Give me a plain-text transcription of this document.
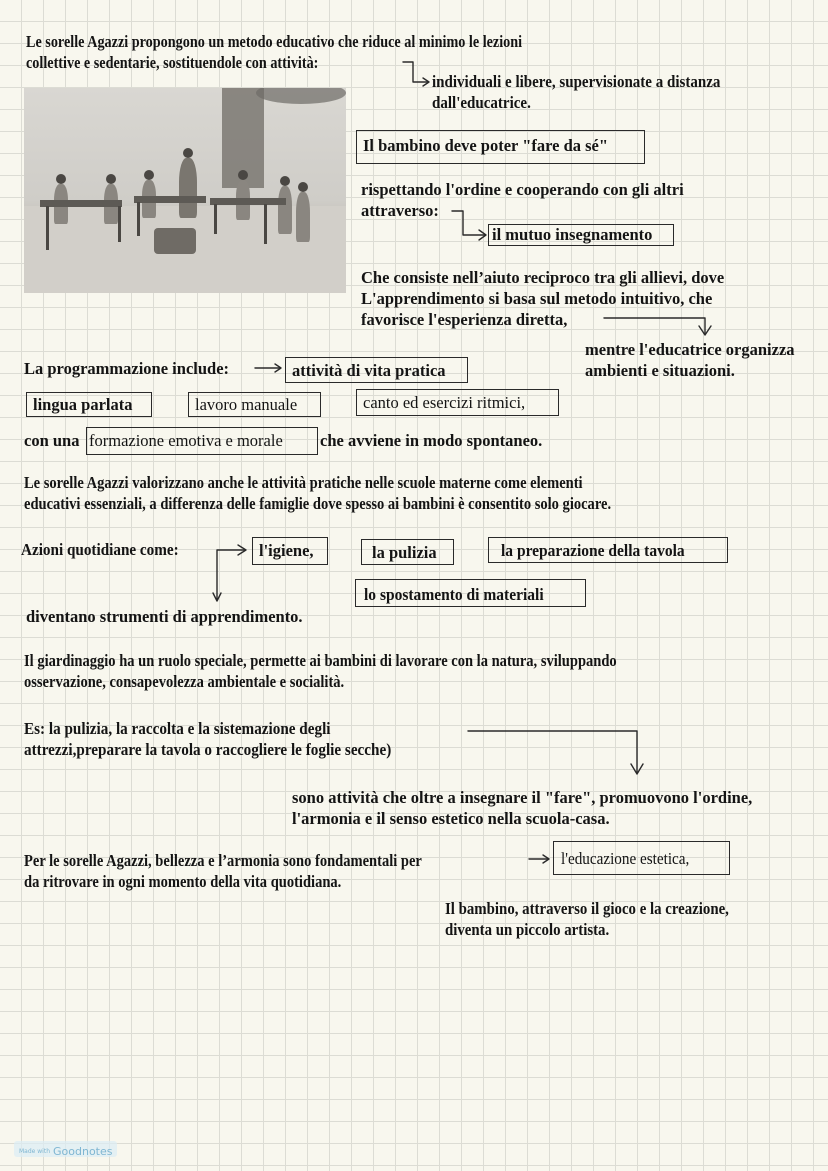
Le sorelle Agazzi propongono un metodo educativo che riduce al minimo le lezioni
collettive e sedentarie, sostituendole con attività:
individuali e libere, supervisionate a distanza
dall'educatrice.
Il bambino deve poter "fare da sé"
rispettando l'ordine e cooperando con gli altri
attraverso:
il mutuo insegnamento
Che consiste nell’aiuto reciproco tra gli allievi, dove
L'apprendimento si basa sul metodo intuitivo, che
favorisce l'esperienza diretta,
mentre l'educatrice organizza
ambienti e situazioni.
La programmazione include:	attività di vita pratica
lingua parlata	lavoro manuale	canto ed esercizi ritmici,
con una formazione emotiva e morale	che avviene in modo spontaneo.
Le sorelle Agazzi valorizzano anche le attività pratiche nelle scuole materne come elementi
educativi essenziali, a differenza delle famiglie dove spesso ai bambini è consentito solo giocare.
Azioni quotidiane come:	l'igiene,	la pulizia	la preparazione della tavola
lo spostamento di materiali
diventano strumenti di apprendimento.
Il giardinaggio ha un ruolo speciale, permette ai bambini di lavorare con la natura, sviluppando
osservazione, consapevolezza ambientale e socialità.
Es: la pulizia, la raccolta e la sistemazione degli
attrezzi,preparare la tavola o raccogliere le foglie secche)
sono attività che oltre a insegnare il "fare", promuovono l'ordine,
l'armonia e il senso estetico nella scuola-casa.
Per le sorelle Agazzi, bellezza e l’armonia sono fondamentali per	l'educazione estetica,
da ritrovare in ogni momento della vita quotidiana.
Il bambino, attraverso il gioco e la creazione,
diventa un piccolo artista.
Made with Goodnotes
